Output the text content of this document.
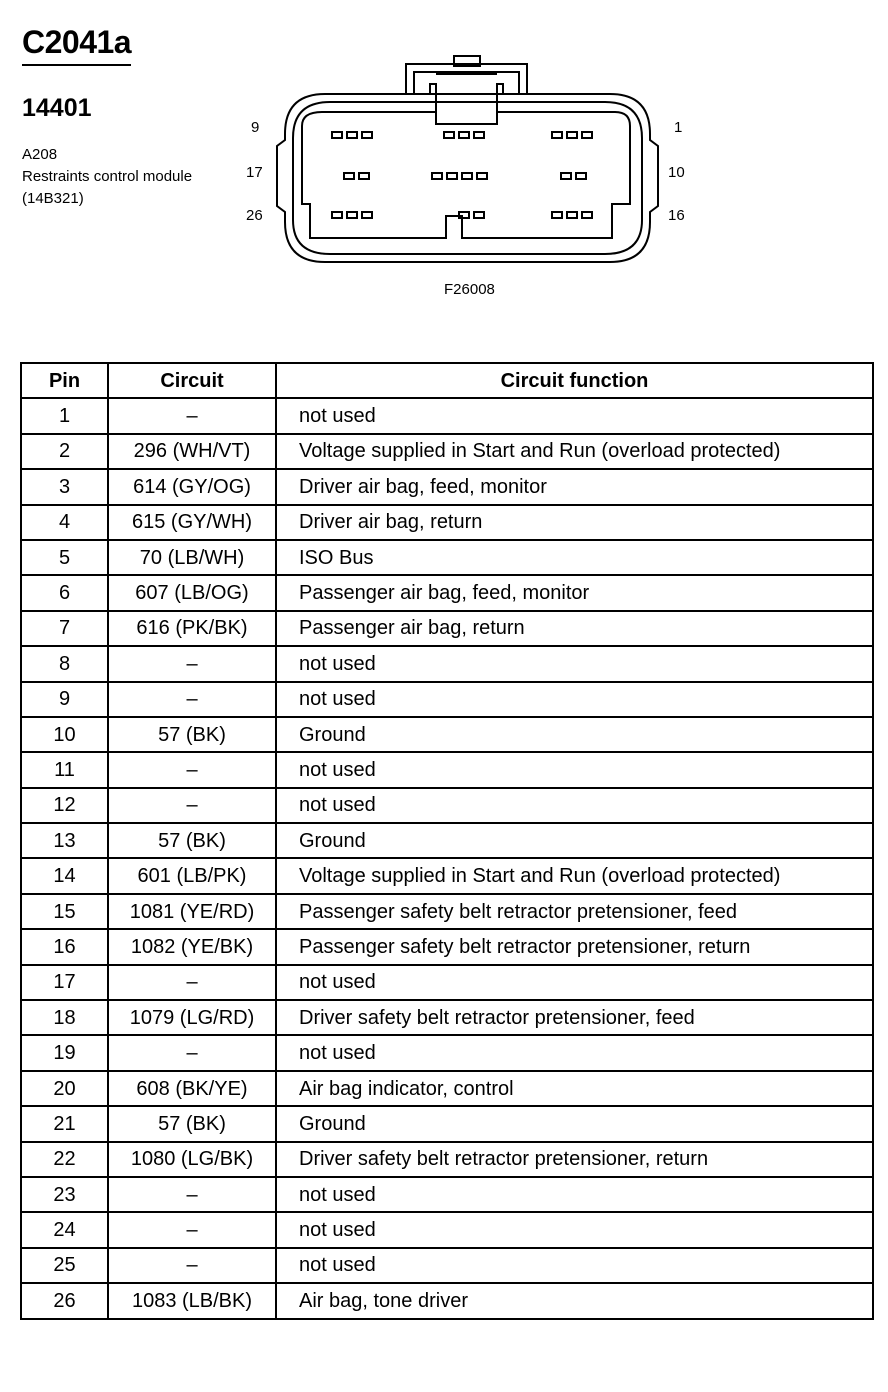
C2041a
14401
A208
Restraints control module (14B321)
9
17
26
1
10
16
F26008
Pin	Circuit	Circuit function
1	–	not used
2	296 (WH/VT)	Voltage supplied in Start and Run (overload protected)
3	614 (GY/OG)	Driver air bag, feed, monitor
4	615 (GY/WH)	Driver air bag, return
5	70 (LB/WH)	ISO Bus
6	607 (LB/OG)	Passenger air bag, feed, monitor
7	616 (PK/BK)	Passenger air bag, return
8	–	not used
9	–	not used
10	57 (BK)	Ground
11	–	not used
12	–	not used
13	57 (BK)	Ground
14	601 (LB/PK)	Voltage supplied in Start and Run (overload protected)
15	1081 (YE/RD)	Passenger safety belt retractor pretensioner, feed
16	1082 (YE/BK)	Passenger safety belt retractor pretensioner, return
17	–	not used
18	1079 (LG/RD)	Driver safety belt retractor pretensioner, feed
19	–	not used
20	608 (BK/YE)	Air bag indicator, control
21	57 (BK)	Ground
22	1080 (LG/BK)	Driver safety belt retractor pretensioner, return
23	–	not used
24	–	not used
25	–	not used
26	1083 (LB/BK)	Air bag, tone driver
